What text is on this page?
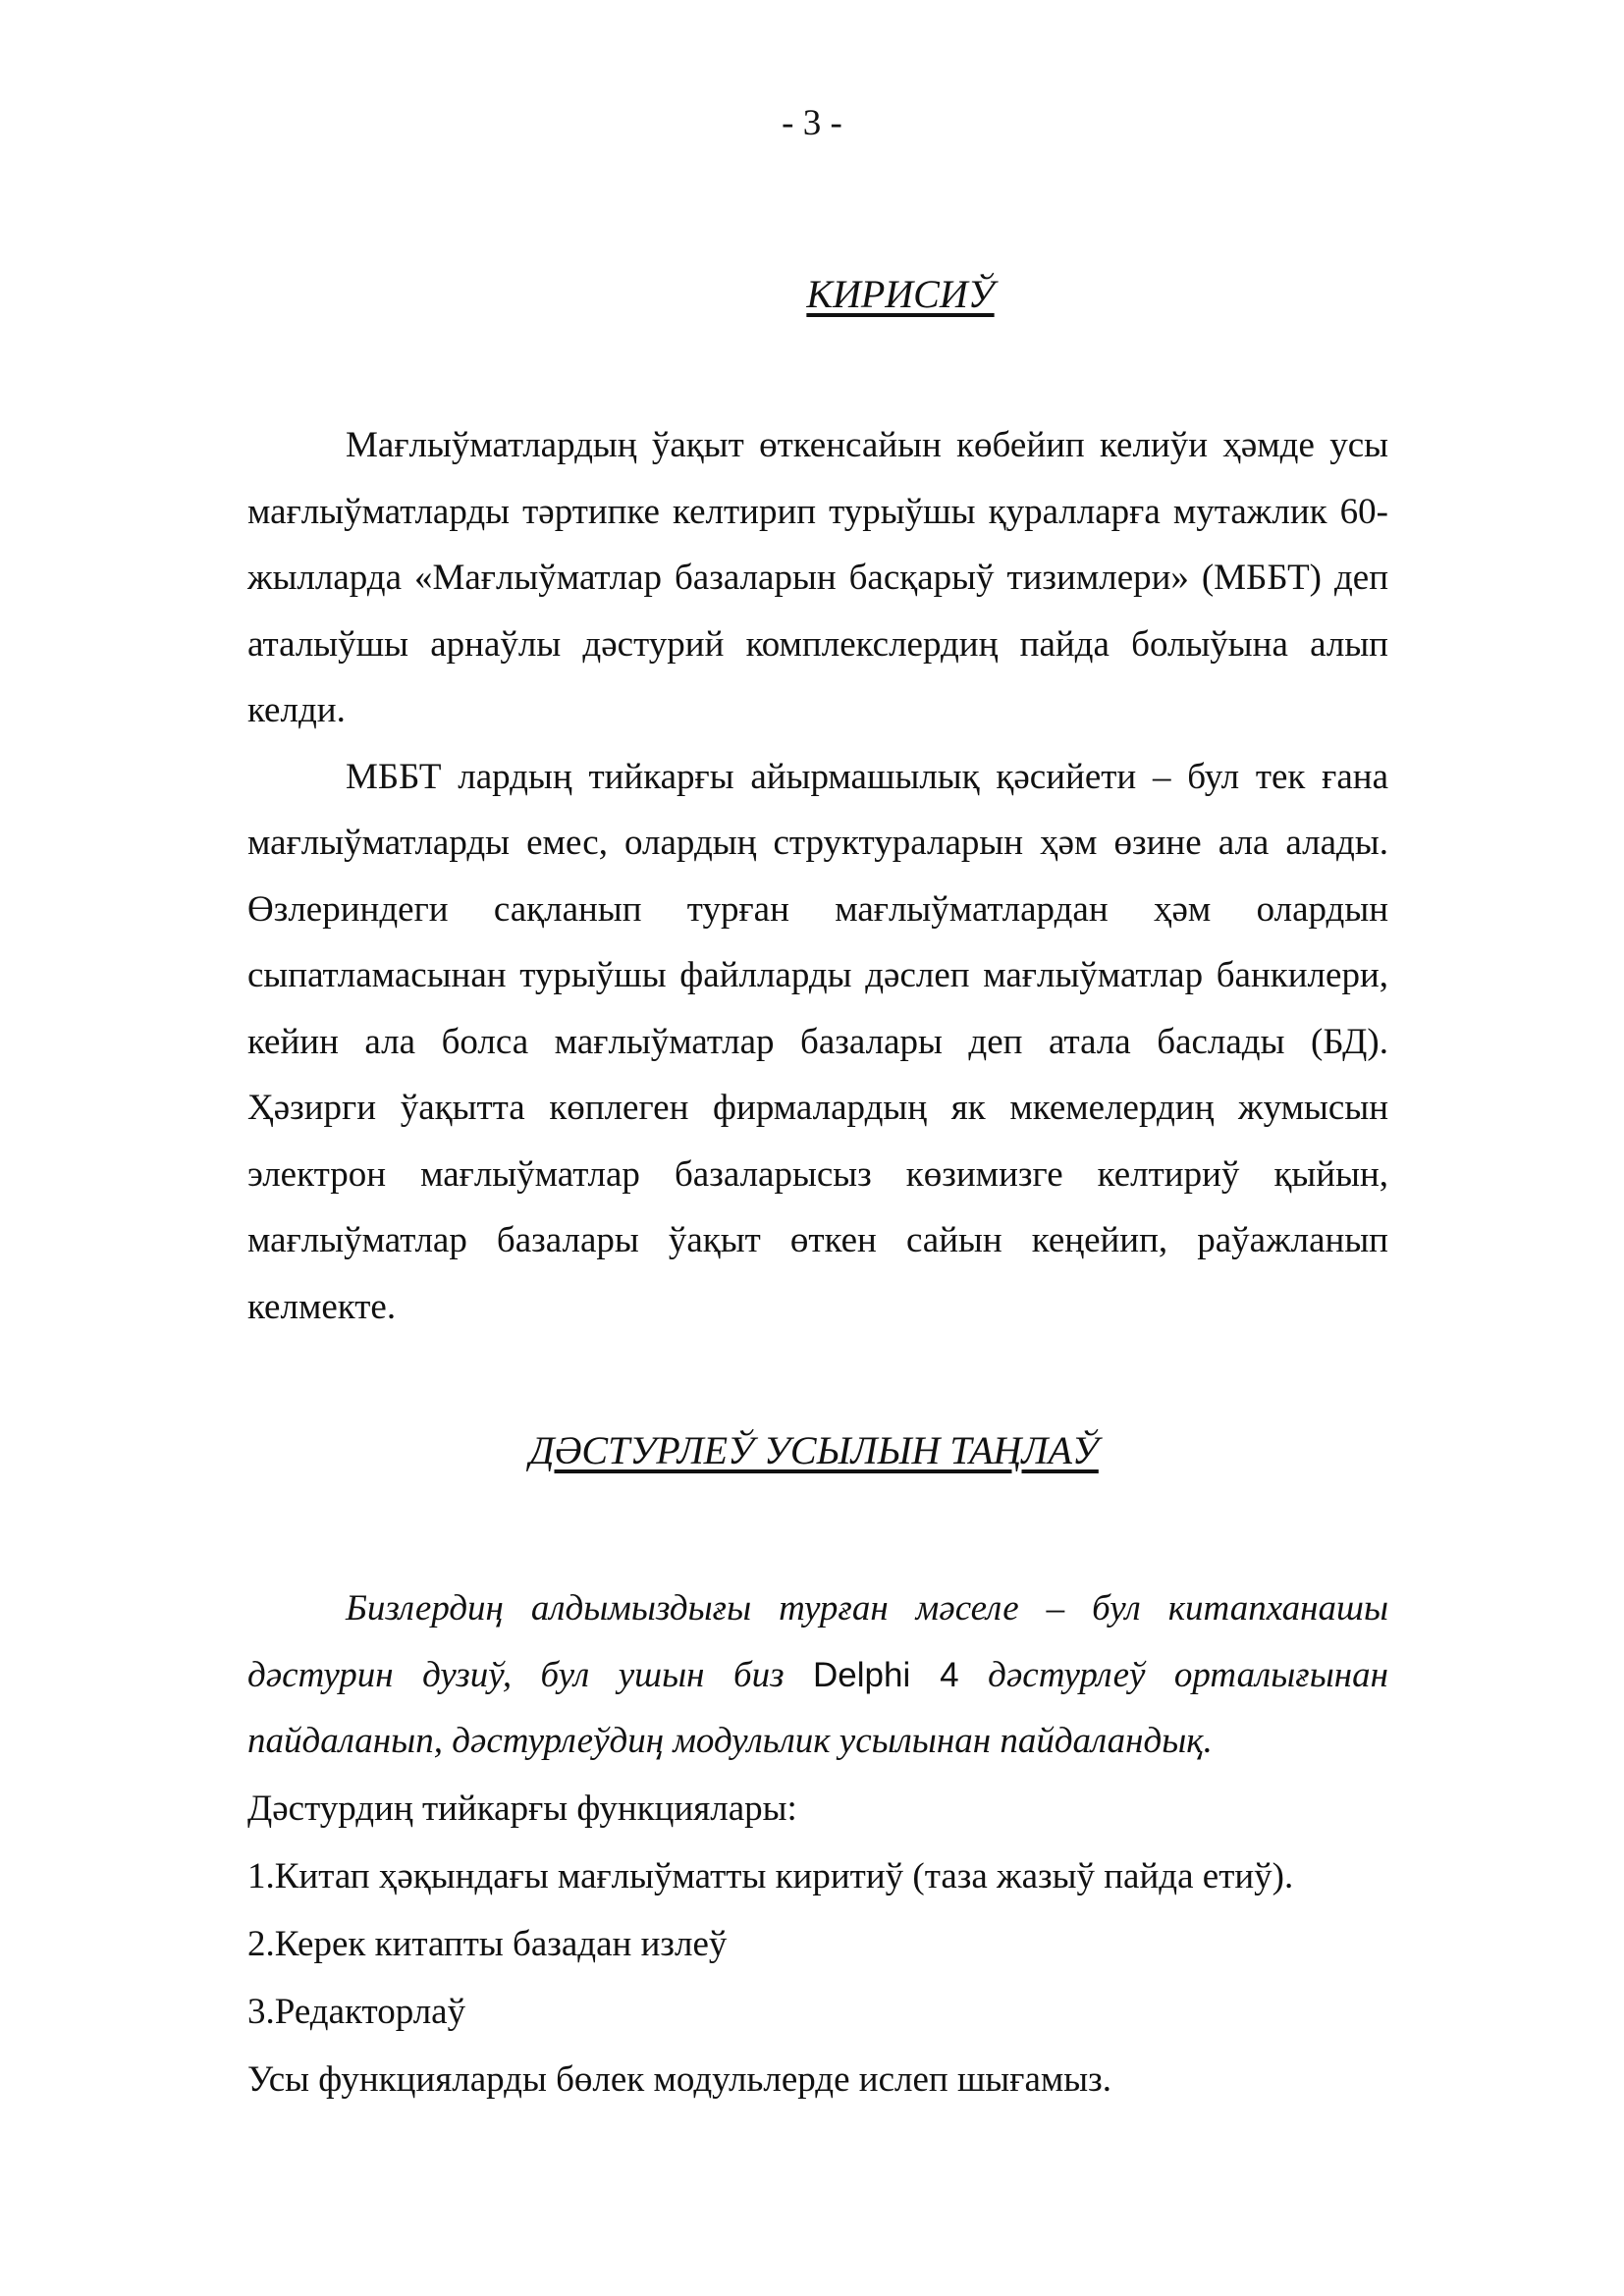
- 3 -
КИРИСИЎ

Мағлыўматлардың ўақыт өткенсайын көбейип келиўи ҳәмде усы мағлыўматларды тәртипке келтирип турыўшы қуралларға мутажлик 60-жылларда «Мағлыўматлар базаларын басқарыў тизимлери» (МББТ) деп аталыўшы арнаўлы дәстурий комплекслердиң пайда болыўына алып келди.

МББТ лардың тийкарғы айырмашылық қәсийети – бул тек ғана мағлыўматларды емес, олардың структураларын ҳәм өзине ала алады. Өзлериндеги сақланып турған мағлыўматлардан ҳәм олардын сыпатламасынан турыўшы файлларды дәслеп мағлыўматлар банкилери, кейин ала болса мағлыўматлар базалары деп атала баслады (БД). Ҳәзирги ўақытта көплеген фирмалардың як мкемелердиң жумысын электрон мағлыўматлар базаларысыз көзимизге келтириў қыйын, мағлыўматлар базалары ўақыт өткен сайын кеңейип, раўажланып келмекте.

ДӘСТУРЛЕЎ УСЫЛЫН ТАҢЛАЎ

Бизлердиң алдымыздығы турған мәселе – бул китапханашы дәстурин дузиў, бул ушын биз Delphi 4 дәстурлеў орталығынан пайдаланып, дәстурлеўдиң модульлик усылынан пайдаландық.

Дәстурдиң тийкарғы функциялары:

1.Китап ҳәқындағы мағлыўматты киритиў (таза жазыў пайда етиў).

2.Керек китапты базадан излеў

3.Редакторлаў

Усы функцияларды бөлек модульлерде ислеп шығамыз.
